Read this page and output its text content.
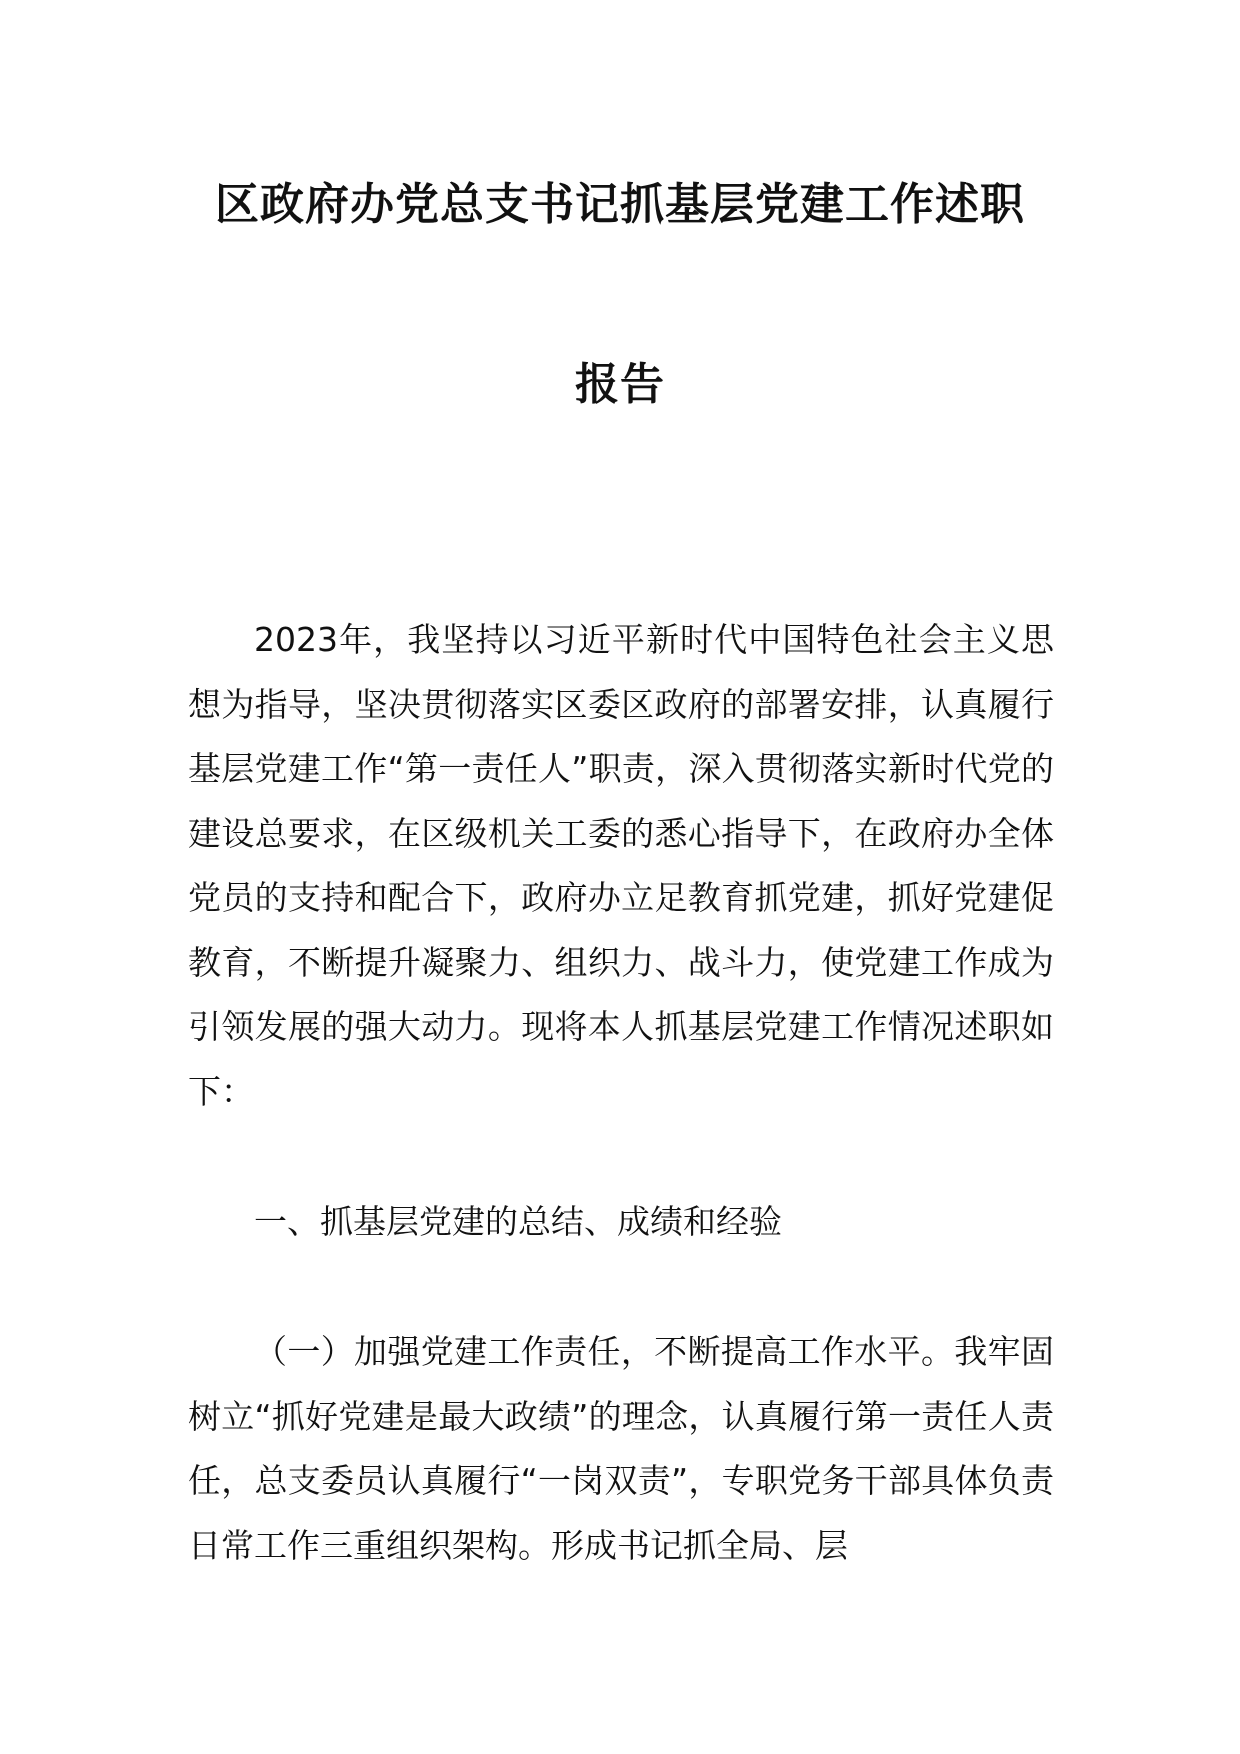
区政府办党总支书记抓基层党建工作述职
报告

2023年，我坚持以习近平新时代中国特色社会主义思想为指导，坚决贯彻落实区委区政府的部署安排，认真履行基层党建工作“第一责任人”职责，深入贯彻落实新时代党的建设总要求，在区级机关工委的悉心指导下，在政府办全体党员的支持和配合下，政府办立足教育抓党建，抓好党建促教育，不断提升凝聚力、组织力、战斗力，使党建工作成为引领发展的强大动力。现将本人抓基层党建工作情况述职如下：

一、抓基层党建的总结、成绩和经验

（一）加强党建工作责任，不断提高工作水平。我牢固树立“抓好党建是最大政绩”的理念，认真履行第一责任人责任，总支委员认真履行“一岗双责”，专职党务干部具体负责日常工作三重组织架构。形成书记抓全局、层
